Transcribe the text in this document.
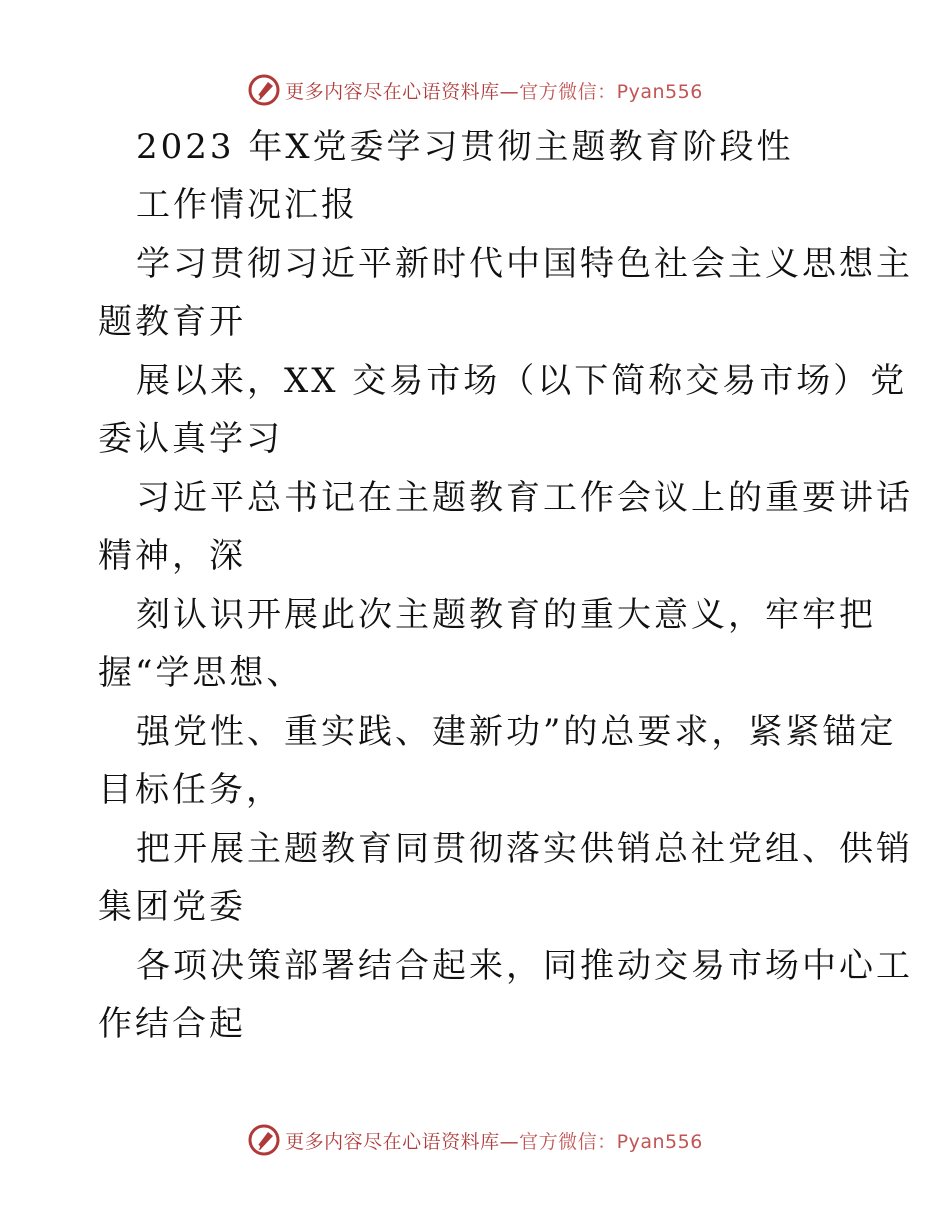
更多内容尽在心语资料库— 官方微信：Pyan556
2023 年X党委学习贯彻主题教育阶段性
工作情况汇报
学习贯彻习近平新时代中国特色社会主义思想主
题教育开
展以来，XX 交易市场（以下简称交易市场）党
委认真学习
习近平总书记在主题教育工作会议上的重要讲话
精神，深
刻认识开展此次主题教育的重大意义，牢牢把
握“学思想、
强党性、重实践、建新功”的总要求，紧紧锚定
目标任务，
把开展主题教育同贯彻落实供销总社党组、供销
集团党委
各项决策部署结合起来，同推动交易市场中心工
作结合起
更多内容尽在心语资料库— 官方微信：Pyan556
